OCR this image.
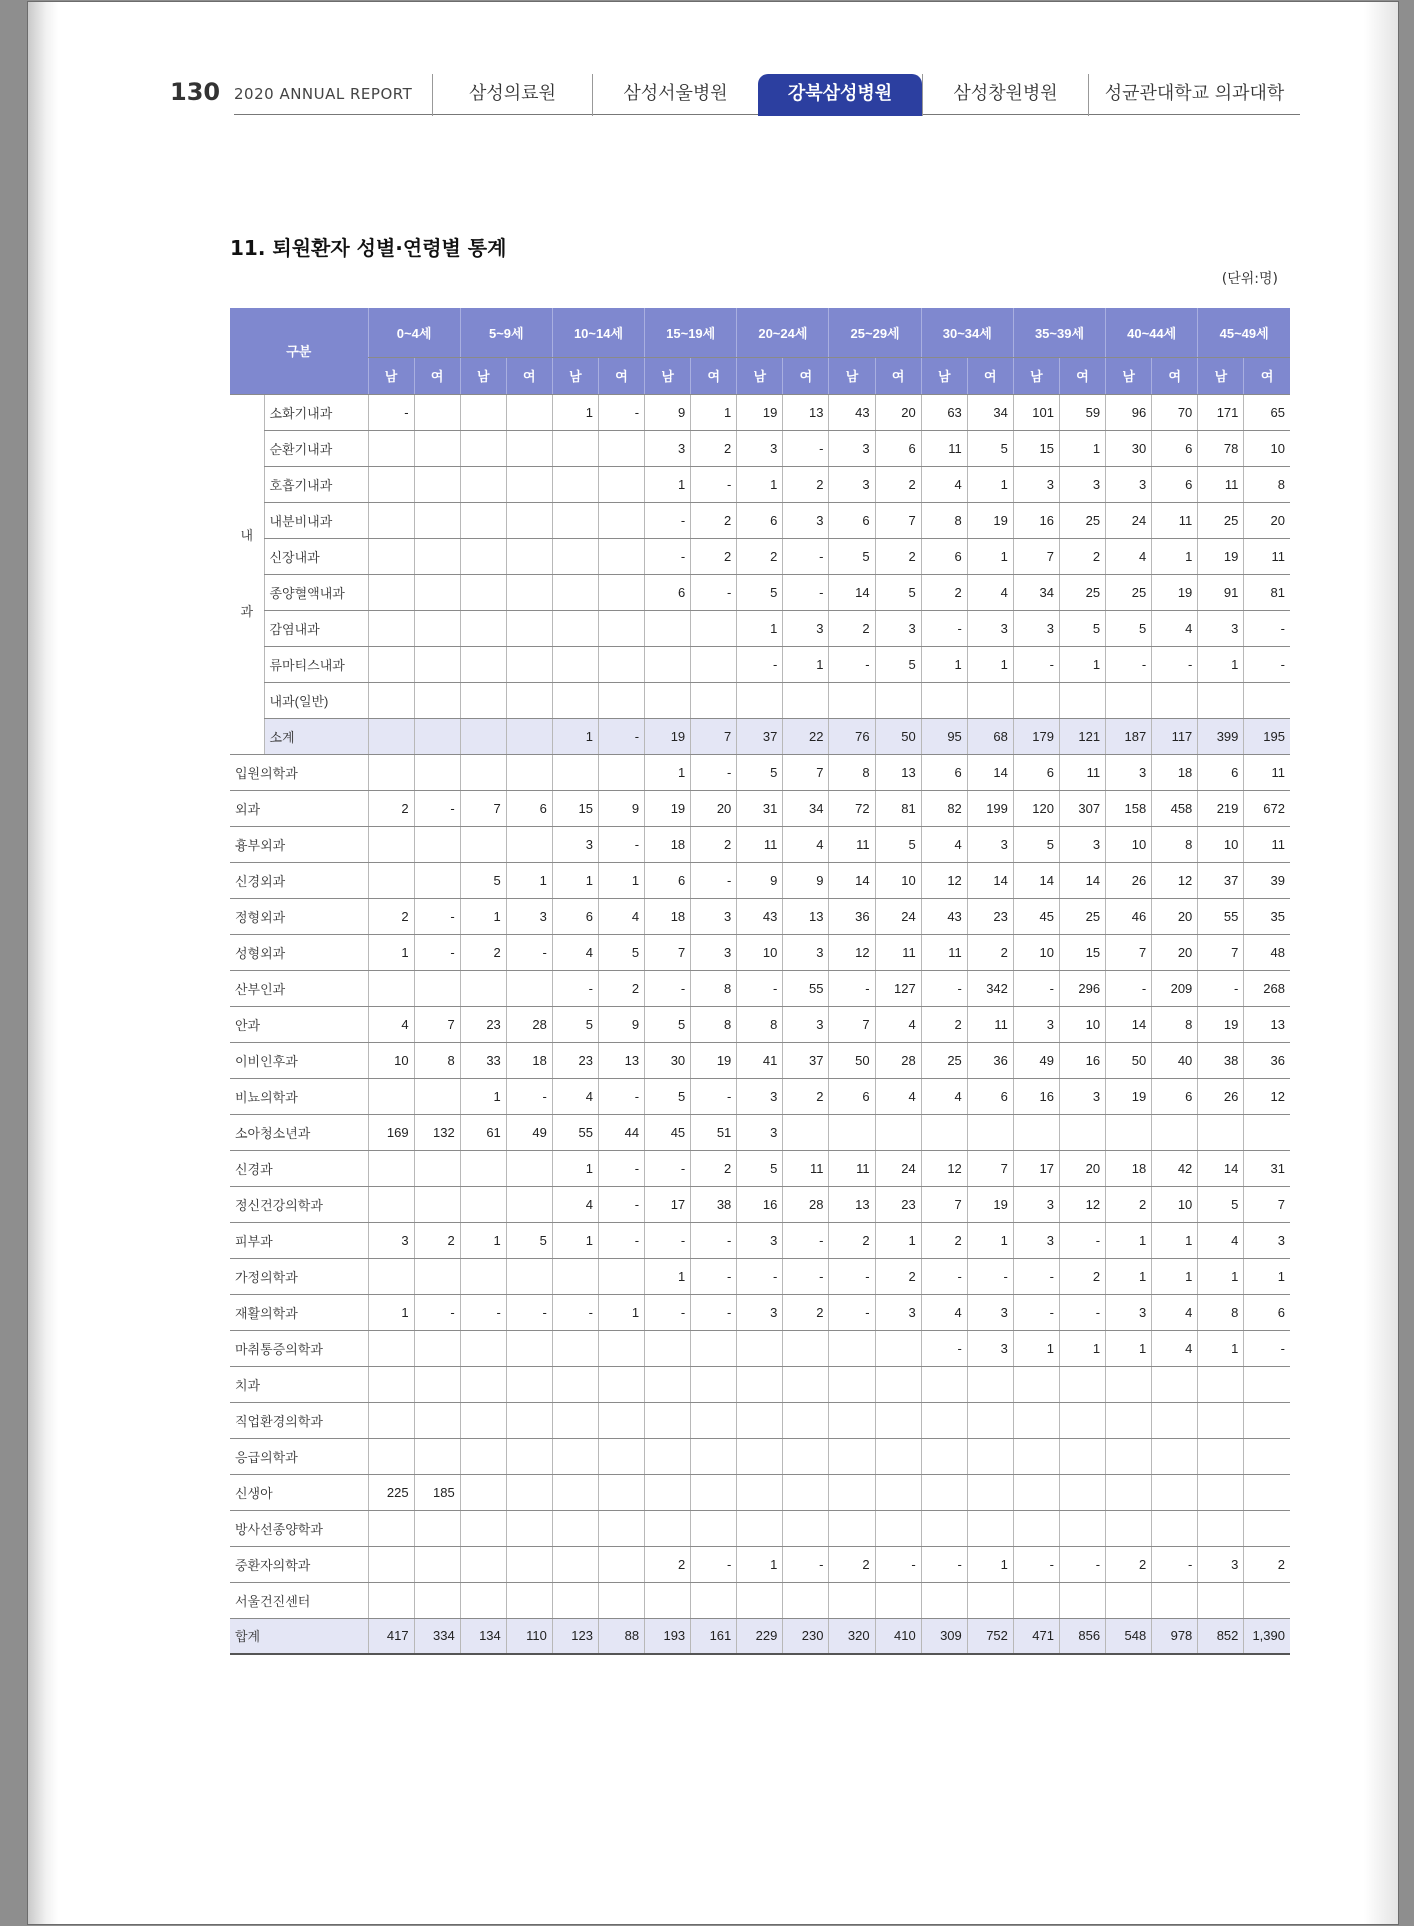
130 2020 ANNUAL REPORT	삼성의료원	삼성서울병원	강북삼성병원	삼성창원병원	성균관대학교 의과대학
11. 퇴원환자 성별·연령별 통계
(단위:명)
구분		0~4세		5~9세		10~14세		15~19세		20~24세		25~29세		30~34세		35~39세		40~44세		45~49세	
		남	여	남	여	남	여	남	여	남	여	남	여	남	여	남	여	남	여	남	여
내

과	소화기내과	-				1	-	9	1	19	13	43	20	63	34	101	59	96	70	171	65
	순환기내과							3	2	3	-	3	6	11	5	15	1	30	6	78	10
	호흡기내과							1	-	1	2	3	2	4	1	3	3	3	6	11	8
	내분비내과							-	2	6	3	6	7	8	19	16	25	24	11	25	20
	신장내과							-	2	2	-	5	2	6	1	7	2	4	1	19	11
	종양혈액내과							6	-	5	-	14	5	2	4	34	25	25	19	91	81
	감염내과									1	3	2	3	-	3	3	5	5	4	3	-
	류마티스내과									-	1	-	5	1	1	-	1	-	-	1	-
	내과(일반)																				
	소계					1	-	19	7	37	22	76	50	95	68	179	121	187	117	399	195
입원의학과								1	-	5	7	8	13	6	14	6	11	3	18	6	11
외과		2	-	7	6	15	9	19	20	31	34	72	81	82	199	120	307	158	458	219	672
흉부외과						3	-	18	2	11	4	11	5	4	3	5	3	10	8	10	11
신경외과				5	1	1	1	6	-	9	9	14	10	12	14	14	14	26	12	37	39
정형외과		2	-	1	3	6	4	18	3	43	13	36	24	43	23	45	25	46	20	55	35
성형외과		1	-	2	-	4	5	7	3	10	3	12	11	11	2	10	15	7	20	7	48
산부인과						-	2	-	8	-	55	-	127	-	342	-	296	-	209	-	268
안과		4	7	23	28	5	9	5	8	8	3	7	4	2	11	3	10	14	8	19	13
이비인후과		10	8	33	18	23	13	30	19	41	37	50	28	25	36	49	16	50	40	38	36
비뇨의학과				1	-	4	-	5	-	3	2	6	4	4	6	16	3	19	6	26	12
소아청소년과		169	132	61	49	55	44	45	51	3											
신경과						1	-	-	2	5	11	11	24	12	7	17	20	18	42	14	31
정신건강의학과						4	-	17	38	16	28	13	23	7	19	3	12	2	10	5	7
피부과		3	2	1	5	1	-	-	-	3	-	2	1	2	1	3	-	1	1	4	3
가정의학과								1	-	-	-	-	2	-	-	-	2	1	1	1	1
재활의학과		1	-	-	-	-	1	-	-	3	2	-	3	4	3	-	-	3	4	8	6
마취통증의학과														-	3	1	1	1	4	1	-
치과																					
직업환경의학과																					
응급의학과																					
신생아		225	185																		
방사선종양학과																					
중환자의학과								2	-	1	-	2	-	-	1	-	-	2	-	3	2
서울건진센터																					
합계		417	334	134	110	123	88	193	161	229	230	320	410	309	752	471	856	548	978	852	1,390
